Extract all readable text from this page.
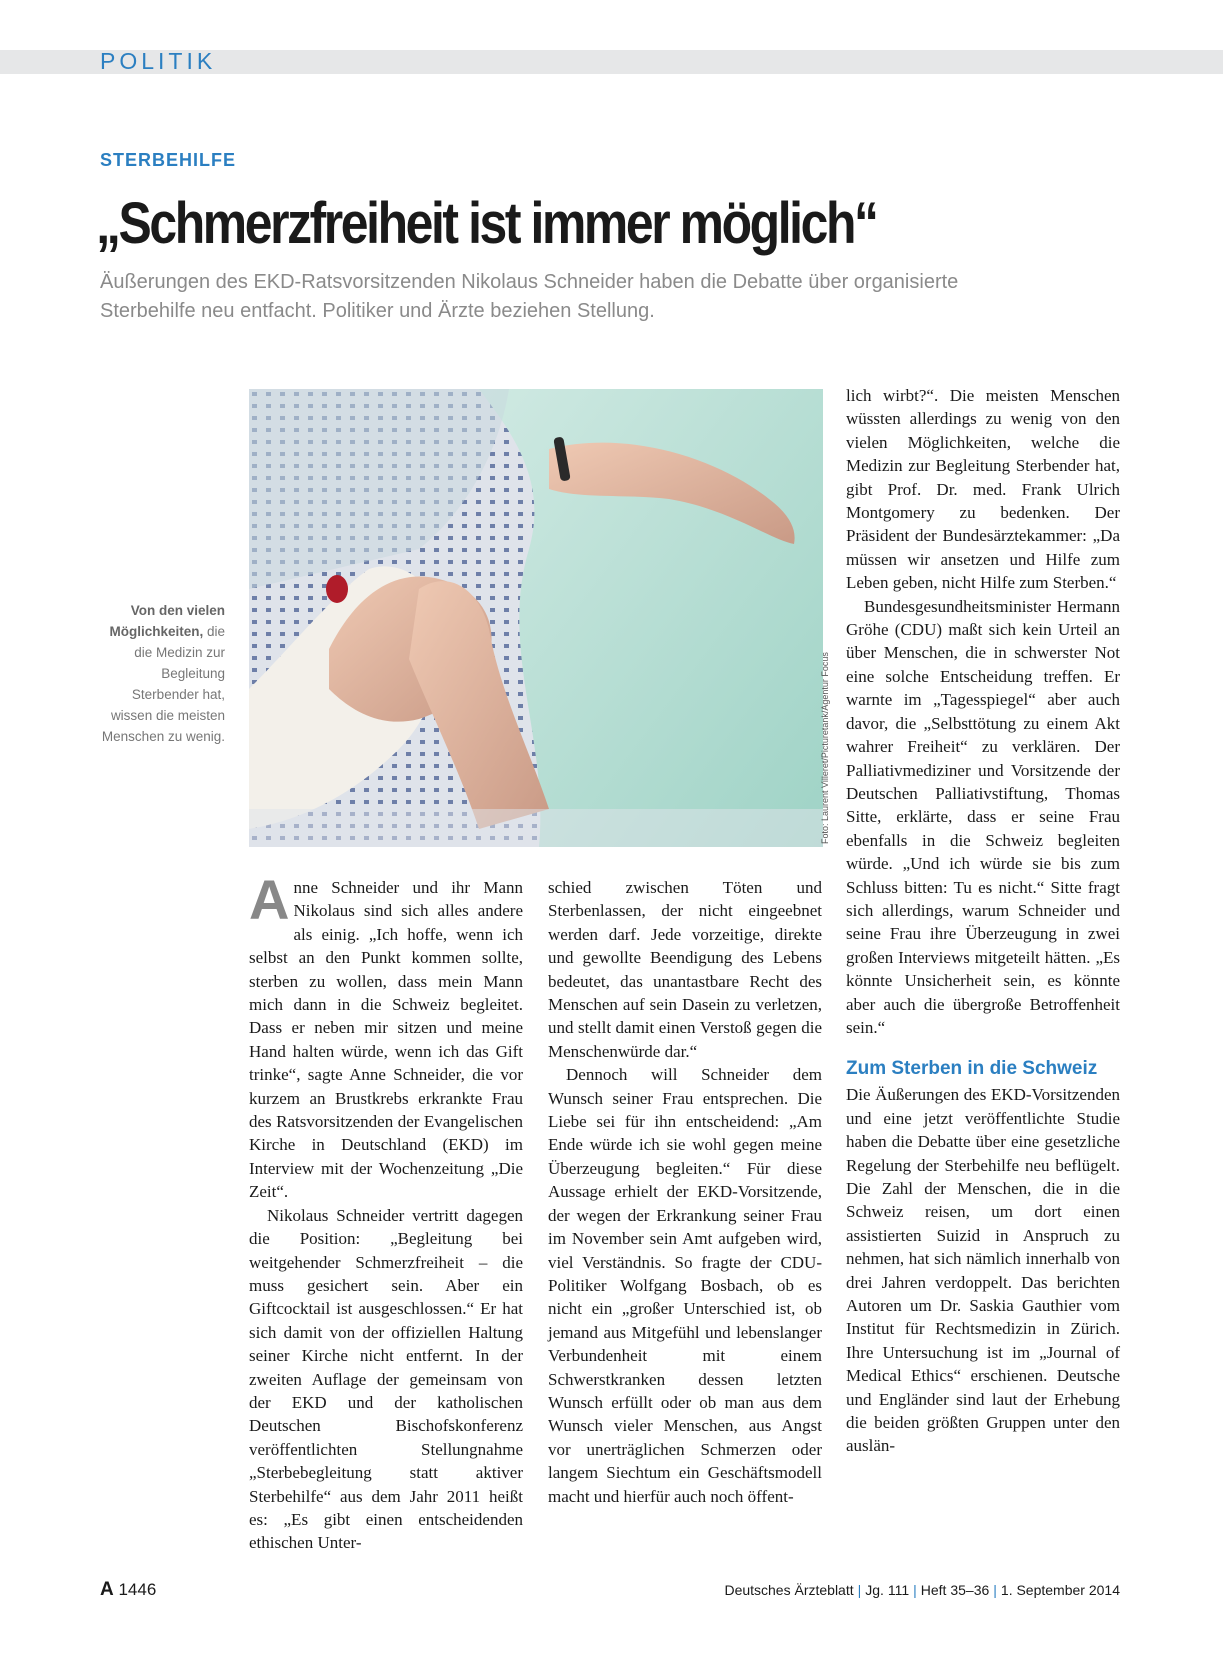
POLITIK
STERBEHILFE
„Schmerzfreiheit ist immer möglich“
Äußerungen des EKD-Ratsvorsitzenden Nikolaus Schneider haben die Debatte über organisierte Sterbehilfe neu entfacht. Politiker und Ärzte beziehen Stellung.
Foto: Laurent Villeret/Picturetank/Agentur Focus
Von den vielen Möglichkeiten, die die Medizin zur Begleitung Sterbender hat, wissen die meisten Menschen zu wenig.

Anne Schneider und ihr Mann Nikolaus sind sich alles andere als einig. „Ich hoffe, wenn ich selbst an den Punkt kommen sollte, sterben zu wollen, dass mein Mann mich dann in die Schweiz begleitet. Dass er neben mir sitzen und meine Hand halten würde, wenn ich das Gift trinke“, sagte Anne Schneider, die vor kurzem an Brustkrebs erkrankte Frau des Ratsvorsitzenden der Evangelischen Kirche in Deutschland (EKD) im Interview mit der Wochenzeitung „Die Zeit“.

Nikolaus Schneider vertritt dagegen die Position: „Begleitung bei weitgehender Schmerzfreiheit – die muss gesichert sein. Aber ein Giftcocktail ist ausgeschlossen.“ Er hat sich damit von der offiziellen Haltung seiner Kirche nicht entfernt. In der zweiten Auflage der gemeinsam von der EKD und der katholischen Deutschen Bischofskonferenz veröffentlichten Stellungnahme „Sterbebegleitung statt aktiver Sterbehilfe“ aus dem Jahr 2011 heißt es: „Es gibt einen entscheidenden ethischen Unter-

schied zwischen Töten und Sterbenlassen, der nicht eingeebnet werden darf. Jede vorzeitige, direkte und gewollte Beendigung des Lebens bedeutet, das unantastbare Recht des Menschen auf sein Dasein zu verletzen, und stellt damit einen Verstoß gegen die Menschenwürde dar.“

Dennoch will Schneider dem Wunsch seiner Frau entsprechen. Die Liebe sei für ihn entscheidend: „Am Ende würde ich sie wohl gegen meine Überzeugung begleiten.“ Für diese Aussage erhielt der EKD-Vorsitzende, der wegen der Erkrankung seiner Frau im November sein Amt aufgeben wird, viel Verständnis. So fragte der CDU-Politiker Wolfgang Bosbach, ob es nicht ein „großer Unterschied ist, ob jemand aus Mitgefühl und lebenslanger Verbundenheit mit einem Schwerstkranken dessen letzten Wunsch erfüllt oder ob man aus dem Wunsch vieler Menschen, aus Angst vor unerträglichen Schmerzen oder langem Siechtum ein Geschäftsmodell macht und hierfür auch noch öffent-

lich wirbt?“. Die meisten Menschen wüssten allerdings zu wenig von den vielen Möglichkeiten, welche die Medizin zur Begleitung Sterbender hat, gibt Prof. Dr. med. Frank Ulrich Montgomery zu bedenken. Der Präsident der Bundesärztekammer: „Da müssen wir ansetzen und Hilfe zum Leben geben, nicht Hilfe zum Sterben.“

Bundesgesundheitsminister Hermann Gröhe (CDU) maßt sich kein Urteil an über Menschen, die in schwerster Not eine solche Entscheidung treffen. Er warnte im „Tagesspiegel“ aber auch davor, die „Selbsttötung zu einem Akt wahrer Freiheit“ zu verklären. Der Palliativmediziner und Vorsitzende der Deutschen Palliativstiftung, Thomas Sitte, erklärte, dass er seine Frau ebenfalls in die Schweiz begleiten würde. „Und ich würde sie bis zum Schluss bitten: Tu es nicht.“ Sitte fragt sich allerdings, warum Schneider und seine Frau ihre Überzeugung in zwei großen Interviews mitgeteilt hätten. „Es könnte Unsicherheit sein, es könnte aber auch die übergroße Betroffenheit sein.“

Zum Sterben in die Schweiz

Die Äußerungen des EKD-Vorsitzenden und eine jetzt veröffentlichte Studie haben die Debatte über eine gesetzliche Regelung der Sterbehilfe neu beflügelt. Die Zahl der Menschen, die in die Schweiz reisen, um dort einen assistierten Suizid in Anspruch zu nehmen, hat sich nämlich innerhalb von drei Jahren verdoppelt. Das berichten Autoren um Dr. Saskia Gauthier vom Institut für Rechtsmedizin in Zürich. Ihre Untersuchung ist im „Journal of Medical Ethics“ erschienen. Deutsche und Engländer sind laut der Erhebung die beiden größten Gruppen unter den auslän-

A 1446	Deutsches Ärzteblatt | Jg. 111 | Heft 35–36 | 1. September 2014
